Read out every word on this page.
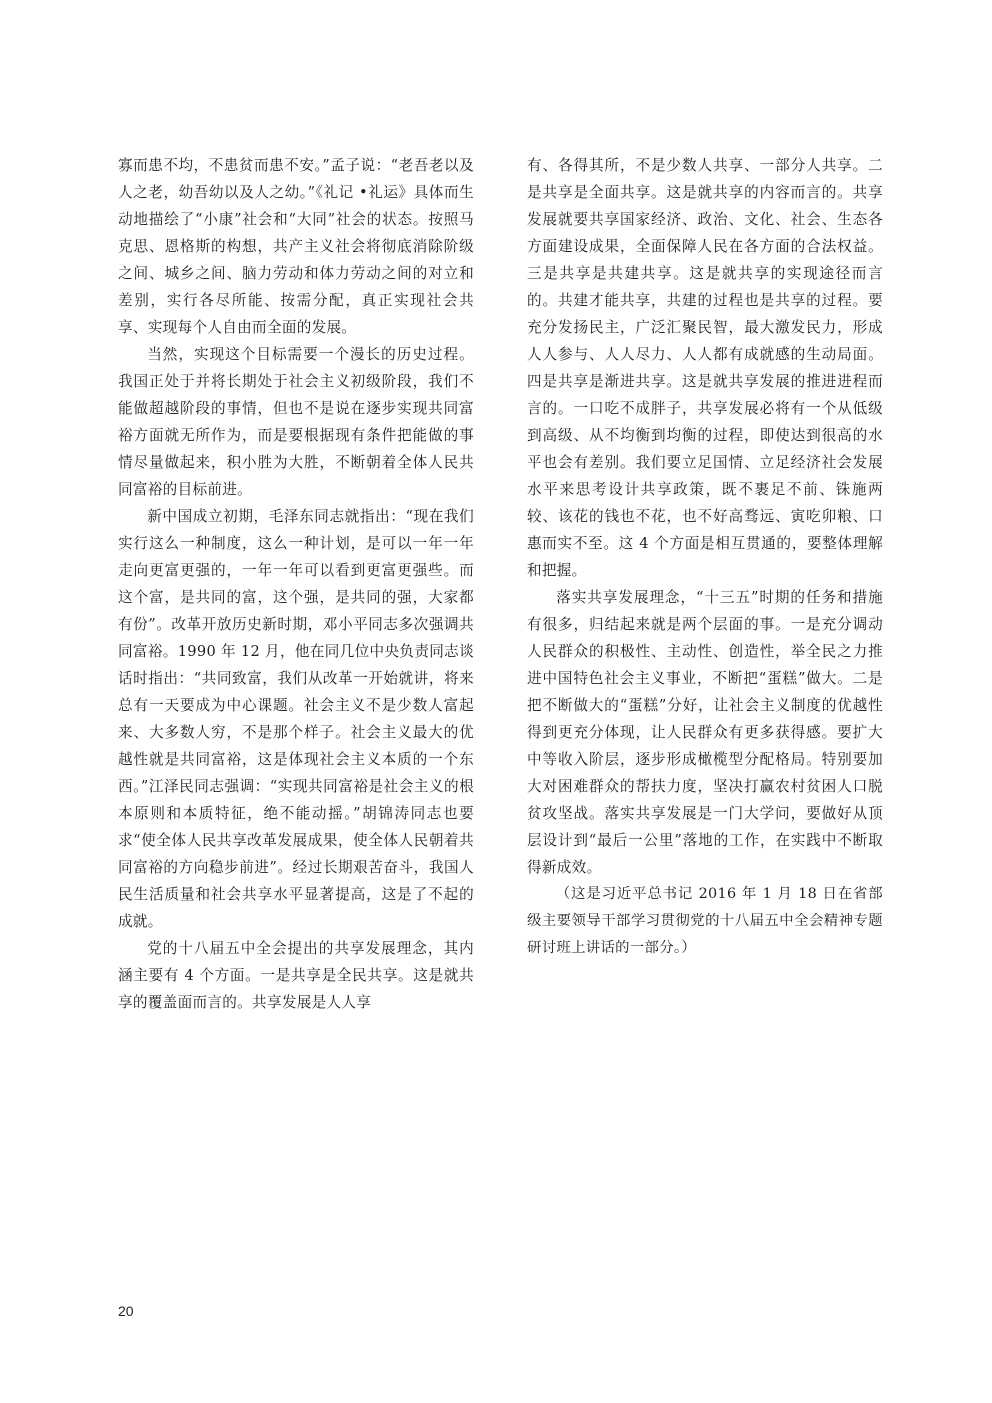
寡而患不均，不患贫而患不安。”孟子说：“老吾老以及人之老，幼吾幼以及人之幼。”《礼记 •礼运》具体而生动地描绘了“小康”社会和“大同”社会的状态。按照马克思、恩格斯的构想，共产主义社会将彻底消除阶级之间、城乡之间、脑力劳动和体力劳动之间的对立和差别，实行各尽所能、按需分配，真正实现社会共享、实现每个人自由而全面的发展。

当然，实现这个目标需要一个漫长的历史过程。我国正处于并将长期处于社会主义初级阶段，我们不能做超越阶段的事情，但也不是说在逐步实现共同富裕方面就无所作为，而是要根据现有条件把能做的事情尽量做起来，积小胜为大胜，不断朝着全体人民共同富裕的目标前进。

新中国成立初期，毛泽东同志就指出：“现在我们实行这么一种制度，这么一种计划，是可以一年一年走向更富更强的，一年一年可以看到更富更强些。而这个富，是共同的富，这个强，是共同的强，大家都有份”。改革开放历史新时期，邓小平同志多次强调共同富裕。1990 年 12 月，他在同几位中央负责同志谈话时指出：“共同致富，我们从改革一开始就讲，将来总有一天要成为中心课题。社会主义不是少数人富起来、大多数人穷，不是那个样子。社会主义最大的优越性就是共同富裕，这是体现社会主义本质的一个东西。”江泽民同志强调：“实现共同富裕是社会主义的根本原则和本质特征，绝不能动摇。”胡锦涛同志也要求“使全体人民共享改革发展成果，使全体人民朝着共同富裕的方向稳步前进”。经过长期艰苦奋斗，我国人民生活质量和社会共享水平显著提高，这是了不起的成就。

党的十八届五中全会提出的共享发展理念，其内涵主要有 4 个方面。一是共享是全民共享。这是就共享的覆盖面而言的。共享发展是人人享

有、各得其所，不是少数人共享、一部分人共享。二是共享是全面共享。这是就共享的内容而言的。共享发展就要共享国家经济、政治、文化、社会、生态各方面建设成果，全面保障人民在各方面的合法权益。三是共享是共建共享。这是就共享的实现途径而言的。共建才能共享，共建的过程也是共享的过程。要充分发扬民主，广泛汇聚民智，最大激发民力，形成人人参与、人人尽力、人人都有成就感的生动局面。四是共享是渐进共享。这是就共享发展的推进进程而言的。一口吃不成胖子，共享发展必将有一个从低级到高级、从不均衡到均衡的过程，即使达到很高的水平也会有差别。我们要立足国情、立足经济社会发展水平来思考设计共享政策，既不裹足不前、铢施两较、该花的钱也不花，也不好高骛远、寅吃卯粮、口惠而实不至。这 4 个方面是相互贯通的，要整体理解和把握。

落实共享发展理念，“十三五”时期的任务和措施有很多，归结起来就是两个层面的事。一是充分调动人民群众的积极性、主动性、创造性，举全民之力推进中国特色社会主义事业，不断把“蛋糕”做大。二是把不断做大的“蛋糕”分好，让社会主义制度的优越性得到更充分体现，让人民群众有更多获得感。要扩大中等收入阶层，逐步形成橄榄型分配格局。特别要加大对困难群众的帮扶力度，坚决打赢农村贫困人口脱贫攻坚战。落实共享发展是一门大学问，要做好从顶层设计到“最后一公里”落地的工作，在实践中不断取得新成效。

（这是习近平总书记 2016 年 1 月 18 日在省部级主要领导干部学习贯彻党的十八届五中全会精神专题研讨班上讲话的一部分。）

20
